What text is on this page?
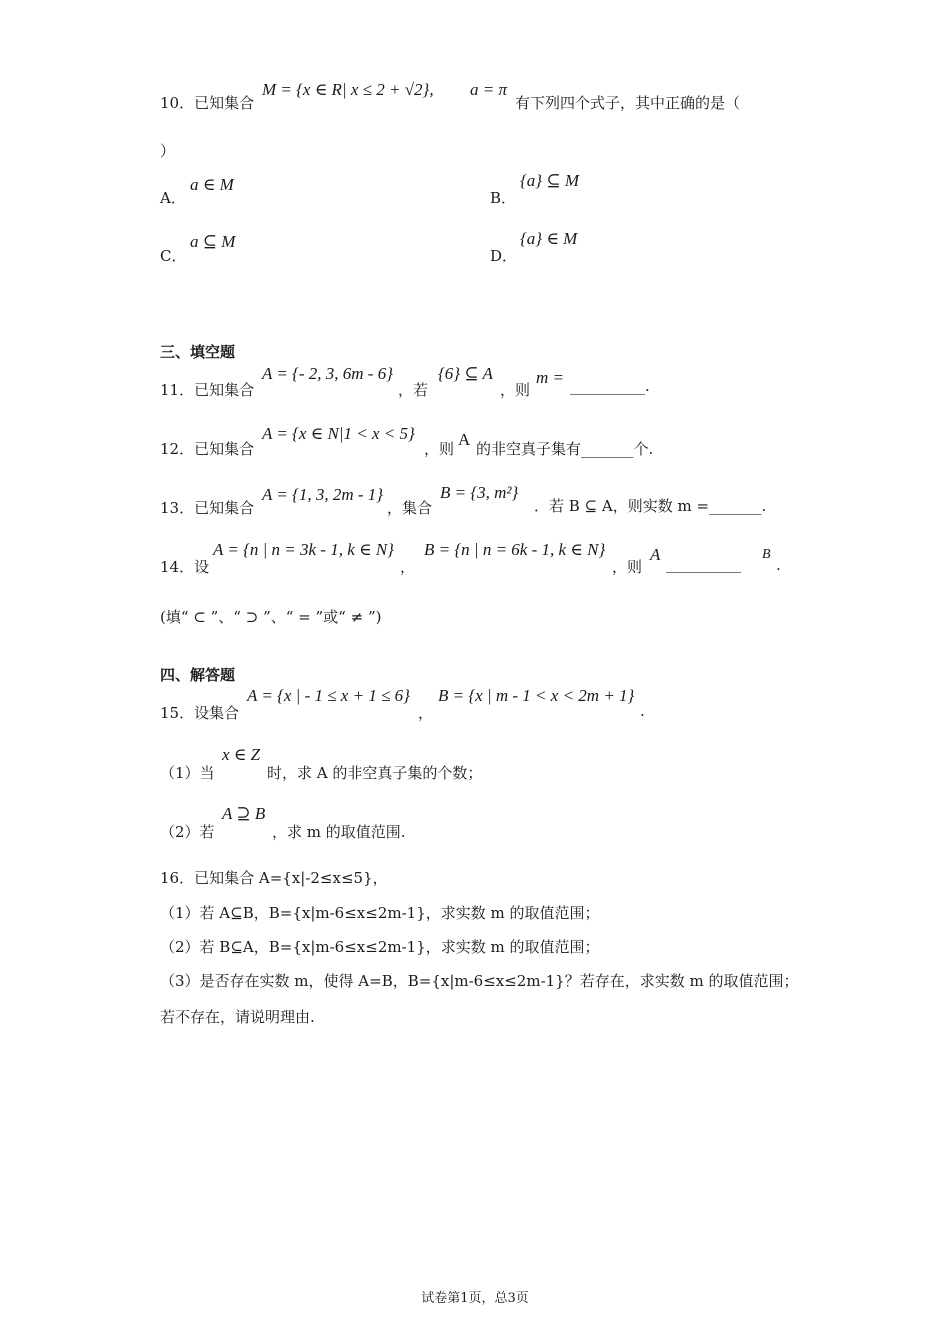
10．已知集合
M = {x ∈ R| x ≤ 2 + √2}, a = π
有下列四个式子，其中正确的是（
）
A．
a ∈ M
B．
{a} ⊆ M
C．
a ⊆ M
D．
{a} ∈ M
三、填空题
11．已知集合
A = {- 2, 3, 6m - 6}
，若
{6} ⊆ A
，则
m = __________.
12．已知集合
A = {x ∈ N|1 < x < 5}
，则 A 的非空真子集有_______个.
13．已知集合
A = {1, 3, 2m - 1}
，集合
B = {3, m²}
．若 B ⊆ A，则实数 m =_______.
14．设
A = {n | n = 3k - 1, k ∈ N}
，
B = {n | n = 6k - 1, k ∈ N}
，则
A __________
B
.
(填“ ⊂ ”、“ ⊃ ”、“ = ”或“ ≠ ”)
四、解答题
15．设集合
A = {x | - 1 ≤ x + 1 ≤ 6}
，
B = {x | m - 1 < x < 2m + 1}
.
（1）当
x ∈ Z
时，求 A 的非空真子集的个数；
（2）若
A ⊇ B
，求 m 的取值范围.
16．已知集合 A={x|-2≤x≤5}，
（1）若 A⊆B，B={x|m-6≤x≤2m-1}，求实数 m 的取值范围；
（2）若 B⊆A，B={x|m-6≤x≤2m-1}，求实数 m 的取值范围；
（3）是否存在实数 m，使得 A=B，B={x|m-6≤x≤2m-1}？若存在，求实数 m 的取值范围；
若不存在，请说明理由.
试卷第1页，总3页
